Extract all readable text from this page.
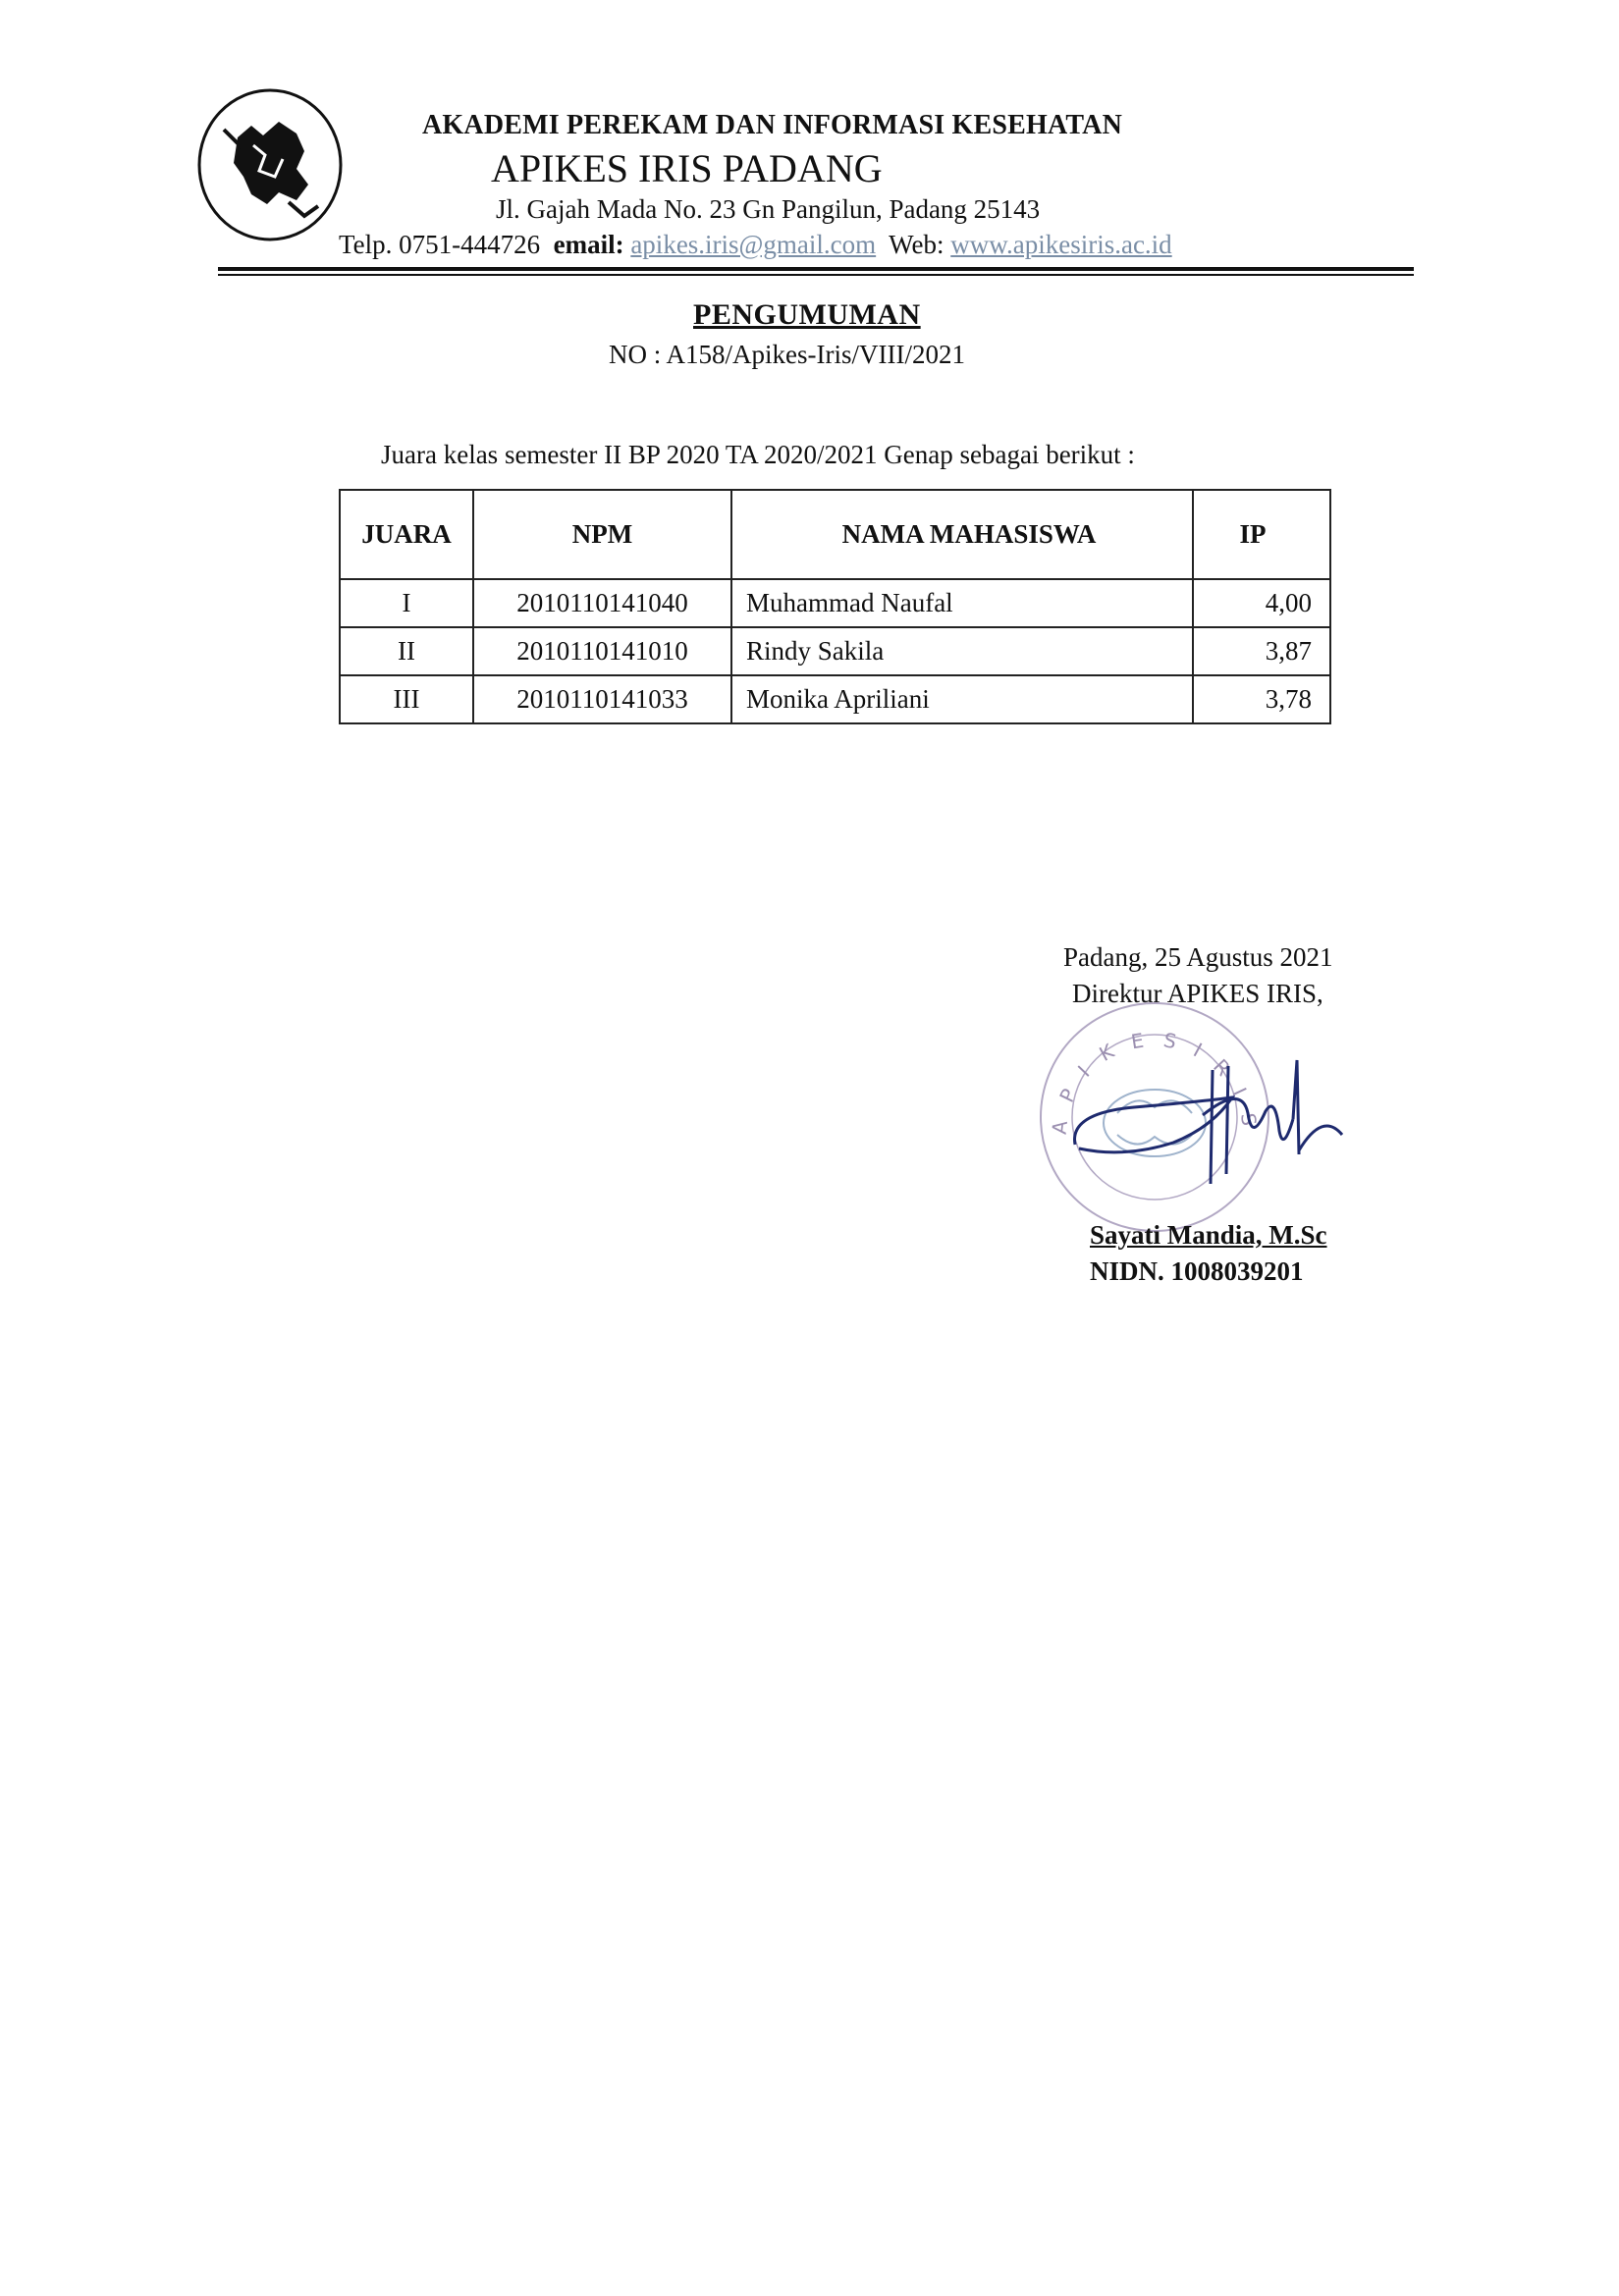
AKADEMI PEREKAM DAN INFORMASI KESEHATAN
APIKES IRIS PADANG
Jl. Gajah Mada No. 23 Gn Pangilun, Padang 25143
Telp. 0751-444726 email: apikes.iris@gmail.com Web: www.apikesiris.ac.id
PENGUMUMAN
NO : A158/Apikes-Iris/VIII/2021
Juara kelas semester II BP 2020 TA 2020/2021 Genap sebagai berikut :
JUARA	NPM	NAMA MAHASISWA	IP
I	2010110141040	Muhammad Naufal	4,00
II	2010110141010	Rindy Sakila	3,87
III	2010110141033	Monika Apriliani	3,78
Padang, 25 Agustus 2021
Direktur APIKES IRIS,
A P I K E S I R I S
Sayati Mandia, M.Sc
NIDN. 1008039201
